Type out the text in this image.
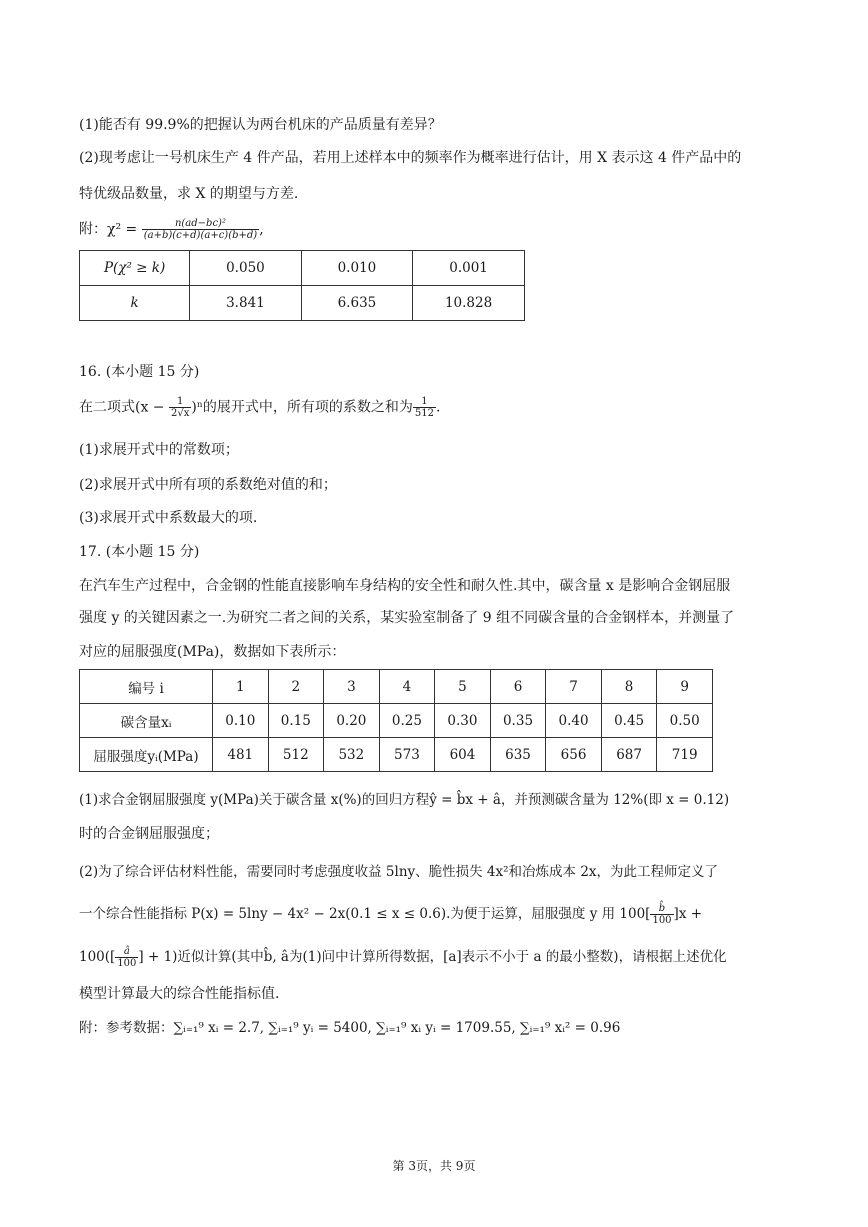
(1)能否有 99.9%的把握认为两台机床的产品质量有差异？
(2)现考虑让一号机床生产 4 件产品，若用上述样本中的频率作为概率进行估计，用 X 表示这 4 件产品中的
特优级品数量，求 X 的期望与方差.
附：$\chi^2 = \frac{\text{n(ad−bc)²}}{(a+b)(c+d)(a+c)(b+d)}$ ,
P(χ² ≥ k)	0.050	0.010	0.001
k	3.841	6.635	10.828
16. (本小题 15 分)
在二项式$(x - \frac{1}{2√x} )^n$的展开式中，所有项的系数之和为 $\frac{1}{512}$ .
(1)求展开式中的常数项；
(2)求展开式中所有项的系数绝对值的和；
(3)求展开式中系数最大的项.
17. (本小题 15 分)
在汽车生产过程中，合金钢的性能直接影响车身结构的安全性和耐久性.其中，碳含量 x 是影响合金钢屈服
强度 y 的关键因素之一.为研究二者之间的关系，某实验室制备了 9 组不同碳含量的合金钢样本，并测量了
对应的屈服强度(MPa)，数据如下表所示：
编号 i	1	2	3	4	5	6	7	8	9
碳含量xᵢ	0.10	0.15	0.20	0.25	0.30	0.35	0.40	0.45	0.50
屈服强度yᵢ(MPa)	481	512	532	573	604	635	656	687	719
(1)求合金钢屈服强度 y(MPa)关于碳含量 x(%)的回归方程ŷ = b̂x + â，并预测碳含量为 12%(即 x = 0.12)
时的合金钢屈服强度；
(2)为了综合评估材料性能，需要同时考虑强度收益 5lny、脆性损失 4x²和冶炼成本 2x，为此工程师定义了
一个综合性能指标 P(x) = 5lny − 4x² − 2x(0.1 ≤ x ≤ 0.6).为便于运算，屈服强度 y 用 $100[ \frac{b̂}{100} ]x$ +
$100([ \frac{â}{100}$ ] + 1)近似计算(其中b̂, â为(1)问中计算所得数据，[a]表示不小于 a 的最小整数)，请根据上述优化
模型计算最大的综合性能指标值.
附：参考数据：∑ᵢ₌₁⁹ xᵢ = 2.7, ∑ᵢ₌₁⁹ yᵢ = 5400, ∑ᵢ₌₁⁹ xᵢ yᵢ = 1709.55, ∑ᵢ₌₁⁹ xᵢ² = 0.96
第 3页，共 9页
